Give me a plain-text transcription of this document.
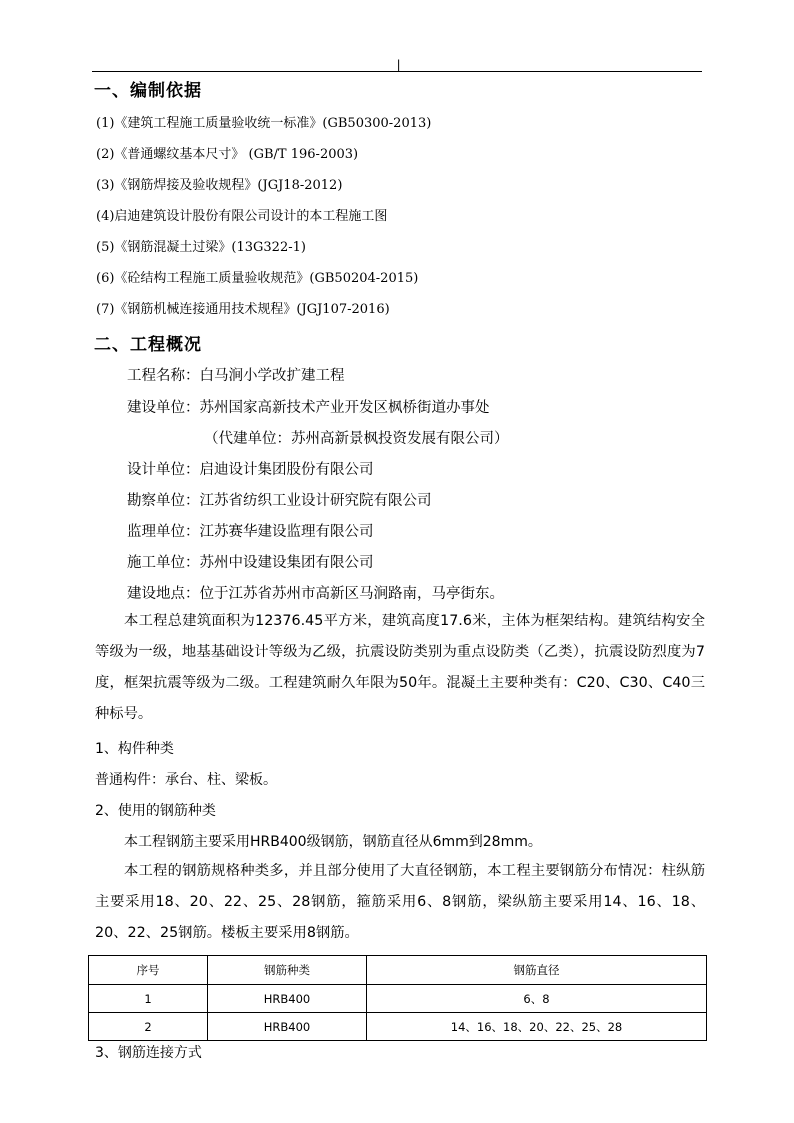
|
一、编制依据
(1)《建筑工程施工质量验收统一标准》(GB50300-2013)
(2)《普通螺纹基本尺寸》 (GB/T 196-2003)
(3)《钢筋焊接及验收规程》(JGJ18-2012)
(4)启迪建筑设计股份有限公司设计的本工程施工图
(5)《钢筋混凝土过梁》(13G322-1)
(6)《砼结构工程施工质量验收规范》(GB50204-2015)
(7)《钢筋机械连接通用技术规程》(JGJ107-2016)
二、工程概况
工程名称：白马涧小学改扩建工程
建设单位：苏州国家高新技术产业开发区枫桥街道办事处
（代建单位：苏州高新景枫投资发展有限公司）
设计单位：启迪设计集团股份有限公司
勘察单位：江苏省纺织工业设计研究院有限公司
监理单位：江苏赛华建设监理有限公司
施工单位：苏州中设建设集团有限公司
建设地点：位于江苏省苏州市高新区马涧路南，马亭街东。
本工程总建筑面积为12376.45平方米，建筑高度17.6米，主体为框架结构。建筑结构安全等级为一级，地基基础设计等级为乙级，抗震设防类别为重点设防类（乙类），抗震设防烈度为7度，框架抗震等级为二级。工程建筑耐久年限为50年。混凝土主要种类有：C20、C30、C40三种标号。
1、构件种类
普通构件：承台、柱、梁板。
2、使用的钢筋种类
本工程钢筋主要采用HRB400级钢筋，钢筋直径从6mm到28mm。
本工程的钢筋规格种类多，并且部分使用了大直径钢筋，本工程主要钢筋分布情况：柱纵筋主要采用18、20、22、25、28钢筋，箍筋采用6、8钢筋，梁纵筋主要采用14、16、18、20、22、25钢筋。楼板主要采用8钢筋。
序号	钢筋种类	钢筋直径
1	HRB400	6、8
2	HRB400	14、16、18、20、22、25、28
3、钢筋连接方式
